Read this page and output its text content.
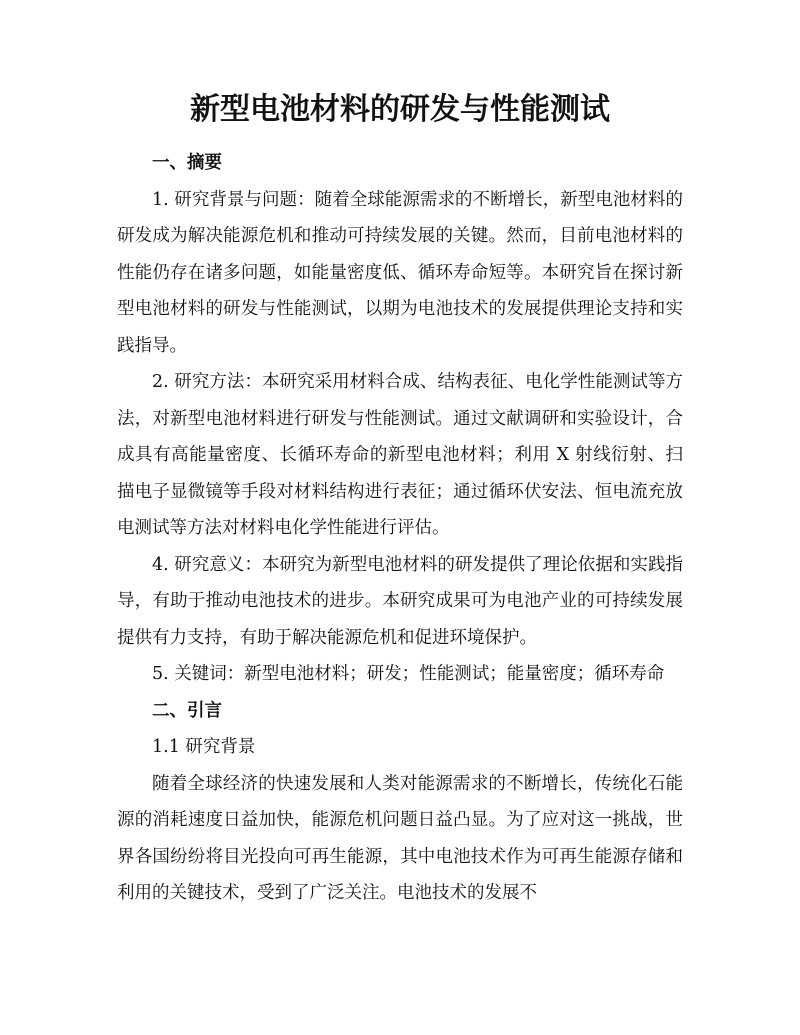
新型电池材料的研发与性能测试
一、摘要

1. 研究背景与问题：随着全球能源需求的不断增长，新型电池材料的研发成为解决能源危机和推动可持续发展的关键。然而，目前电池材料的性能仍存在诸多问题，如能量密度低、循环寿命短等。本研究旨在探讨新型电池材料的研发与性能测试，以期为电池技术的发展提供理论支持和实践指导。

2. 研究方法：本研究采用材料合成、结构表征、电化学性能测试等方法，对新型电池材料进行研发与性能测试。通过文献调研和实验设计，合成具有高能量密度、长循环寿命的新型电池材料；利用 X 射线衍射、扫描电子显微镜等手段对材料结构进行表征；通过循环伏安法、恒电流充放电测试等方法对材料电化学性能进行评估。

4. 研究意义：本研究为新型电池材料的研发提供了理论依据和实践指导，有助于推动电池技术的进步。本研究成果可为电池产业的可持续发展提供有力支持，有助于解决能源危机和促进环境保护。

5. 关键词：新型电池材料；研发；性能测试；能量密度；循环寿命

二、引言

1.1 研究背景

随着全球经济的快速发展和人类对能源需求的不断增长，传统化石能源的消耗速度日益加快，能源危机问题日益凸显。为了应对这一挑战，世界各国纷纷将目光投向可再生能源，其中电池技术作为可再生能源存储和利用的关键技术，受到了广泛关注。电池技术的发展不
